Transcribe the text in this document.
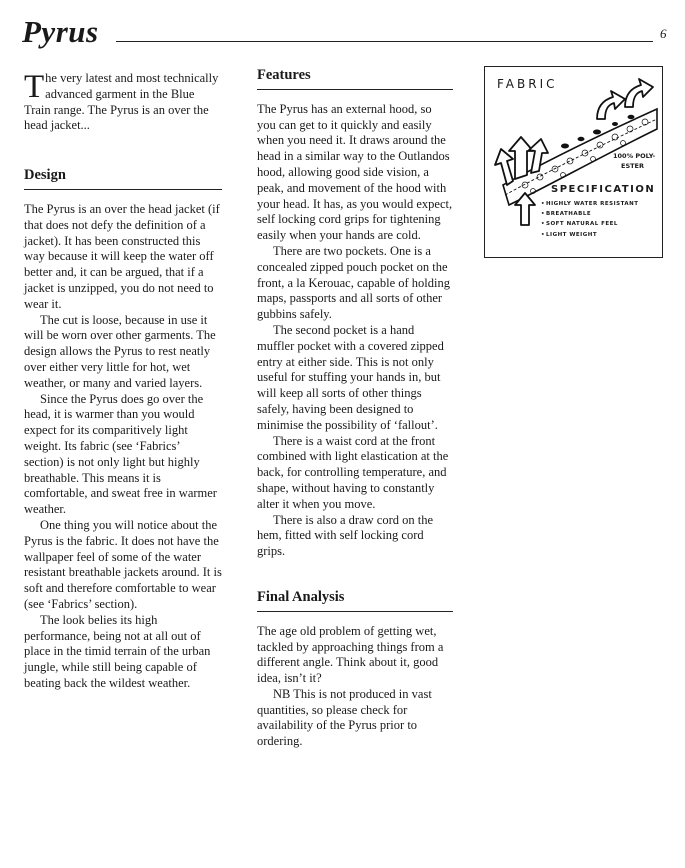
Pyrus	6

The very latest and most technically advanced garment in the Blue Train range. The Pyrus is an over the head jacket...

Design

The Pyrus is an over the head jacket (if that does not defy the definition of a jacket). It has been constructed this way because it will keep the water off better and, it can be argued, that if a jacket is unzipped, you do not need to wear it.

The cut is loose, because in use it will be worn over other garments. The design allows the Pyrus to rest neatly over either very little for hot, wet weather, or many and varied layers.

Since the Pyrus does go over the head, it is warmer than you would expect for its comparitively light weight. Its fabric (see ‘Fabrics’ section) is not only light but highly breathable. This means it is comfortable, and sweat free in warmer weather.

One thing you will notice about the Pyrus is the fabric. It does not have the wallpaper feel of some of the water resistant breathable jackets around. It is soft and therefore comfortable to wear (see ‘Fabrics’ section).

The look belies its high performance, being not at all out of place in the timid terrain of the urban jungle, while still being capable of beating back the wildest weather.

Features

The Pyrus has an external hood, so you can get to it quickly and easily when you need it. It draws around the head in a similar way to the Outlandos hood, allowing good side vision, a peak, and movement of the hood with your head. It has, as you would expect, self locking cord grips for tightening easily when your hands are cold.

There are two pockets. One is a concealed zipped pouch pocket on the front, a la Kerouac, capable of holding maps, passports and all sorts of other gubbins safely.

The second pocket is a hand muffler pocket with a covered zipped entry at either side. This is not only useful for stuffing your hands in, but will keep all sorts of other things safely, having been designed to minimise the possibility of ‘fallout’.

There is a waist cord at the front combined with light elastication at the back, for controlling temperature, and shape, without having to constantly alter it when you move.

There is also a draw cord on the hem, fitted with self locking cord grips.

Final Analysis

The age old problem of getting wet, tackled by approaching things from a different angle. Think about it, good idea, isn’t it?

NB This is not produced in vast quantities, so please check for availability of the Pyrus prior to ordering.

FABRIC
100% POLY-
ESTER
SPECIFICATION
• HIGHLY WATER RESISTANT
• BREATHABLE
• SOFT NATURAL FEEL
• LIGHT WEIGHT
